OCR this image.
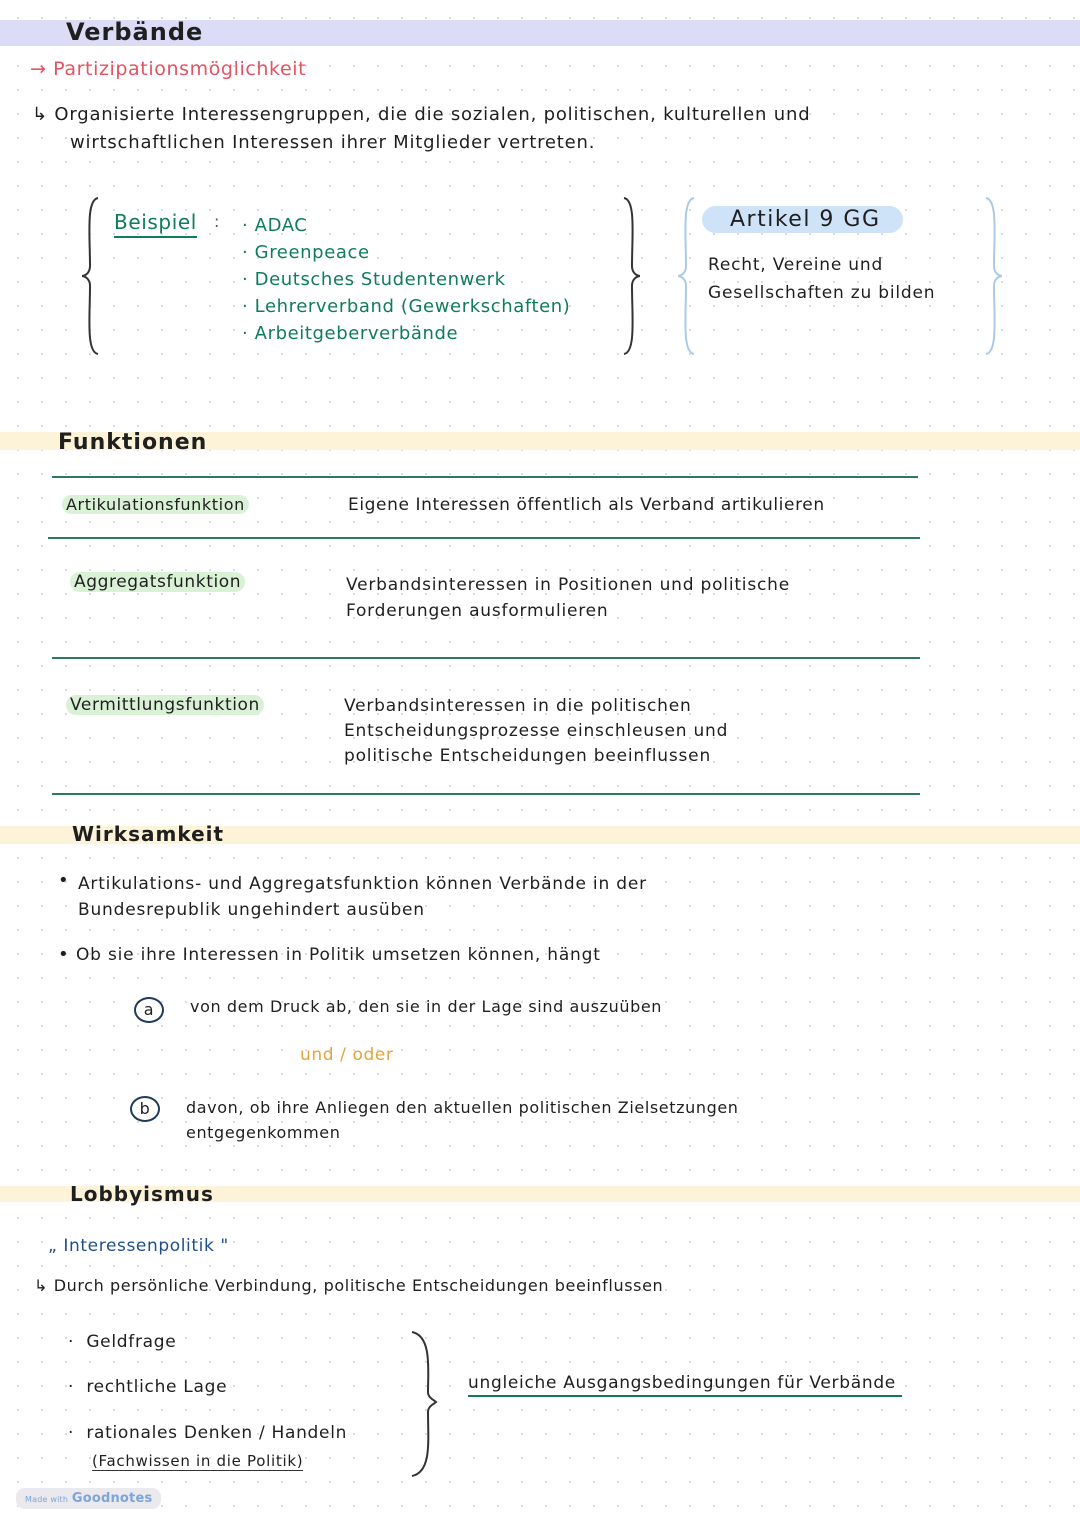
Verbände
→ Partizipationsmöglichkeit
↳ Organisierte Interessengruppen, die die sozialen, politischen, kulturellen und
wirtschaftlichen Interessen ihrer Mitglieder vertreten.
Beispiel : · ADAC
· Greenpeace
· Deutsches Studentenwerk
· Lehrerverband (Gewerkschaften)
· Arbeitgeberverbände
Artikel 9 GG
Recht, Vereine und
Gesellschaften zu bilden
Funktionen
Artikulationsfunktion	Eigene Interessen öffentlich als Verband artikulieren
Aggregatsfunktion	Verbandsinteressen in Positionen und politische
Forderungen ausformulieren
Vermittlungsfunktion	Verbandsinteressen in die politischen
Entscheidungsprozesse einschleusen und
politische Entscheidungen beeinflussen
Wirksamkeit
• Artikulations- und Aggregatsfunktion können Verbände in der
Bundesrepublik ungehindert ausüben
• Ob sie ihre Interessen in Politik umsetzen können, hängt
a	von dem Druck ab, den sie in der Lage sind auszuüben
und / oder
b	davon, ob ihre Anliegen den aktuellen politischen Zielsetzungen
entgegenkommen
Lobbyismus
„ Interessenpolitik "
↳ Durch persönliche Verbindung, politische Entscheidungen beeinflussen
·  Geldfrage
·  rechtliche Lage
·  rationales Denken / Handeln
(Fachwissen in die Politik)
ungleiche Ausgangsbedingungen für Verbände
Made with Goodnotes
